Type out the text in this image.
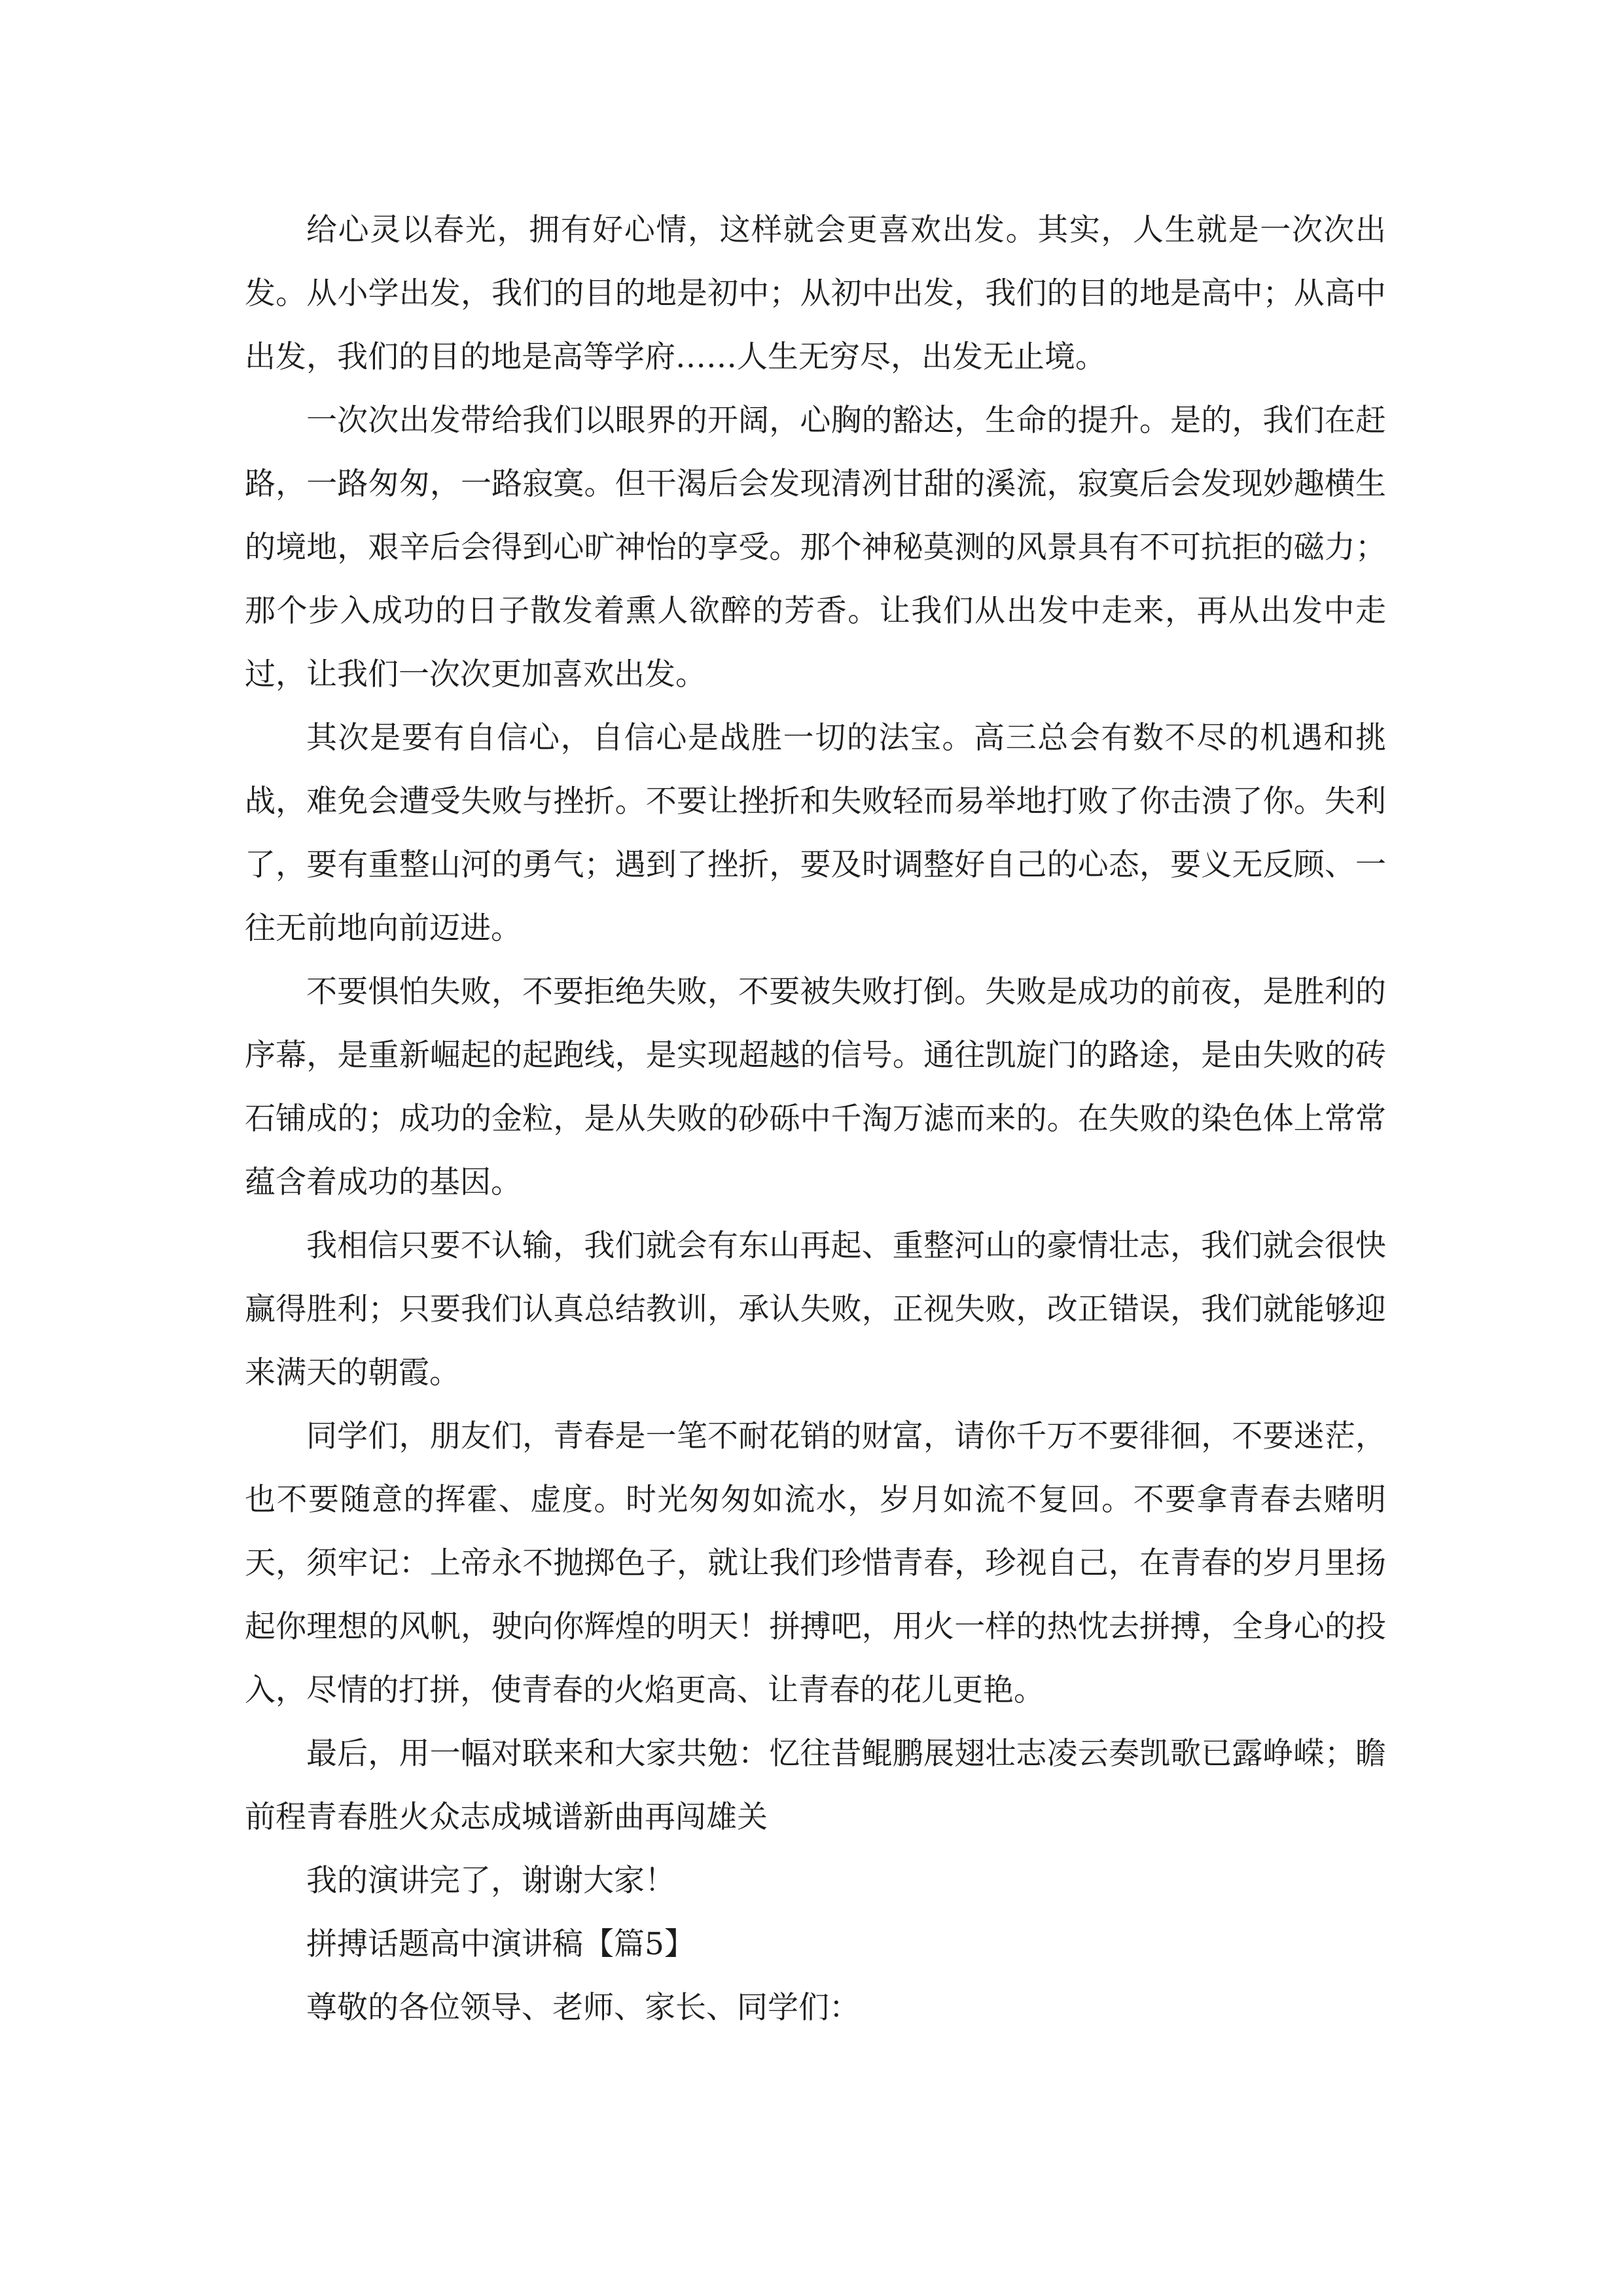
给心灵以春光，拥有好心情，这样就会更喜欢出发。其实，人生就是一次次出发。从小学出发，我们的目的地是初中；从初中出发，我们的目的地是高中；从高中出发，我们的目的地是高等学府……人生无穷尽，出发无止境。

一次次出发带给我们以眼界的开阔，心胸的豁达，生命的提升。是的，我们在赶路，一路匆匆，一路寂寞。但干渴后会发现清冽甘甜的溪流，寂寞后会发现妙趣横生的境地，艰辛后会得到心旷神怡的享受。那个神秘莫测的风景具有不可抗拒的磁力；那个步入成功的日子散发着熏人欲醉的芳香。让我们从出发中走来，再从出发中走过，让我们一次次更加喜欢出发。

其次是要有自信心，自信心是战胜一切的法宝。高三总会有数不尽的机遇和挑战，难免会遭受失败与挫折。不要让挫折和失败轻而易举地打败了你击溃了你。失利了，要有重整山河的勇气；遇到了挫折，要及时调整好自己的心态，要义无反顾、一往无前地向前迈进。

不要惧怕失败，不要拒绝失败，不要被失败打倒。失败是成功的前夜，是胜利的序幕，是重新崛起的起跑线，是实现超越的信号。通往凯旋门的路途，是由失败的砖石铺成的；成功的金粒，是从失败的砂砾中千淘万滤而来的。在失败的染色体上常常蕴含着成功的基因。

我相信只要不认输，我们就会有东山再起、重整河山的豪情壮志，我们就会很快赢得胜利；只要我们认真总结教训，承认失败，正视失败，改正错误，我们就能够迎来满天的朝霞。

同学们，朋友们，青春是一笔不耐花销的财富，请你千万不要徘徊，不要迷茫，也不要随意的挥霍、虚度。时光匆匆如流水，岁月如流不复回。不要拿青春去赌明天，须牢记：上帝永不抛掷色子，就让我们珍惜青春，珍视自己，在青春的岁月里扬起你理想的风帆，驶向你辉煌的明天！拼搏吧，用火一样的热忱去拼搏，全身心的投入，尽情的打拼，使青春的火焰更高、让青春的花儿更艳。

最后，用一幅对联来和大家共勉：忆往昔鲲鹏展翅壮志凌云奏凯歌已露峥嵘；瞻前程青春胜火众志成城谱新曲再闯雄关

我的演讲完了，谢谢大家！

拼搏话题高中演讲稿【篇5】

尊敬的各位领导、老师、家长、同学们：
